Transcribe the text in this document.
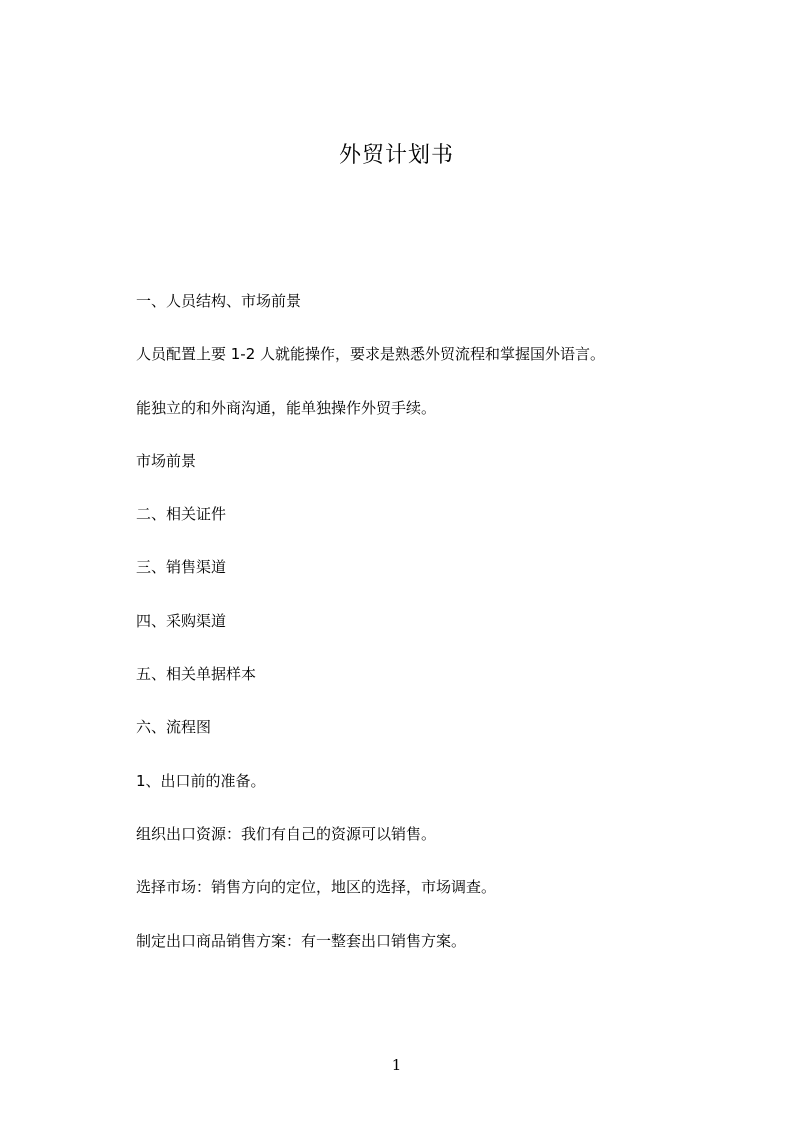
外贸计划书

一、人员结构、市场前景

人员配置上要 1-2 人就能操作，要求是熟悉外贸流程和掌握国外语言。

能独立的和外商沟通，能单独操作外贸手续。

市场前景

二、相关证件

三、销售渠道

四、采购渠道

五、相关单据样本

六、流程图

1、出口前的准备。

组织出口资源：我们有自己的资源可以销售。

选择市场：销售方向的定位，地区的选择，市场调查。

制定出口商品销售方案：有一整套出口销售方案。

1
